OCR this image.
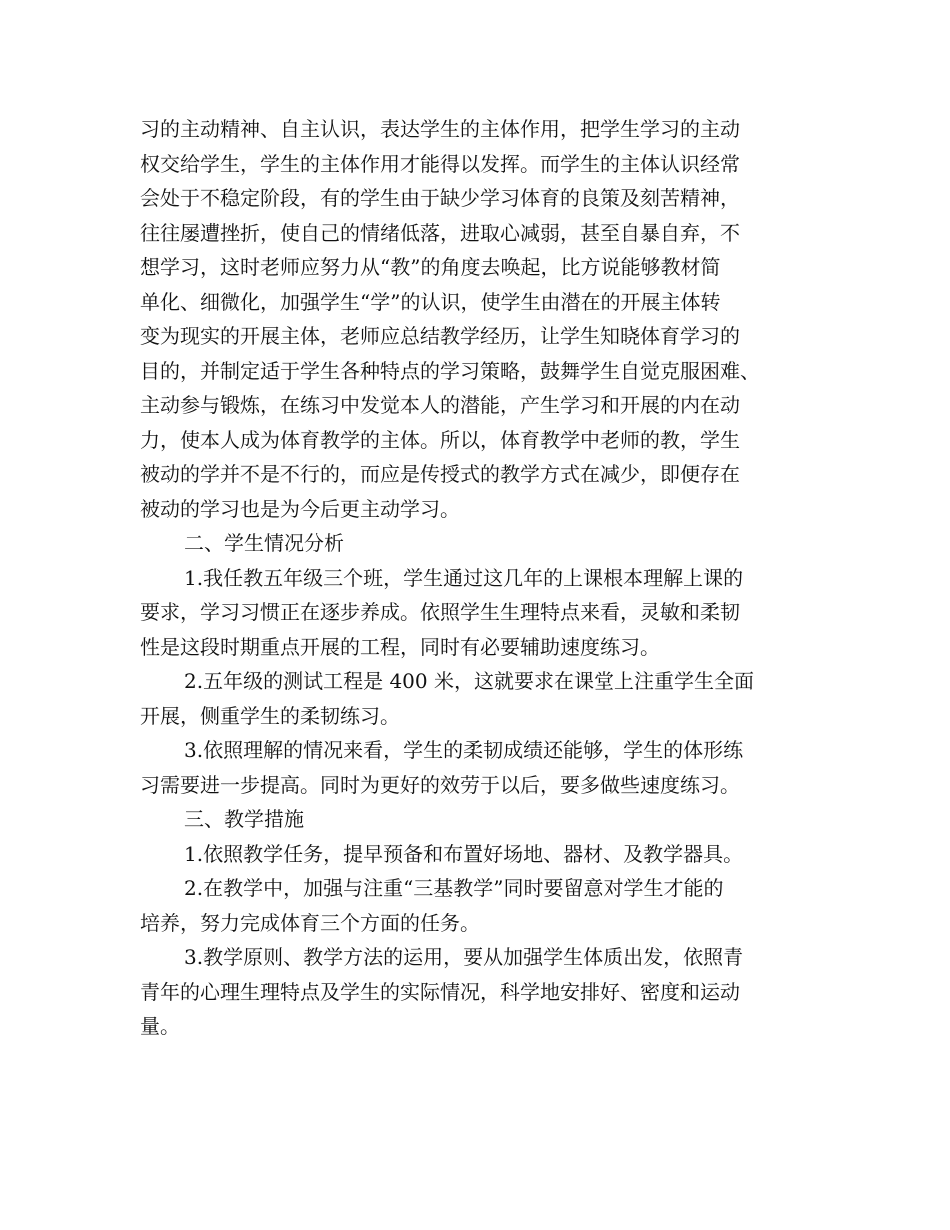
习的主动精神、自主认识，表达学生的主体作用，把学生学习的主动
权交给学生，学生的主体作用才能得以发挥。而学生的主体认识经常
会处于不稳定阶段，有的学生由于缺少学习体育的良策及刻苦精神，
往往屡遭挫折，使自己的情绪低落，进取心减弱，甚至自暴自弃，不
想学习，这时老师应努力从“教”的角度去唤起，比方说能够教材简
单化、细微化，加强学生“学”的认识，使学生由潜在的开展主体转
变为现实的开展主体，老师应总结教学经历，让学生知晓体育学习的
目的，并制定适于学生各种特点的学习策略，鼓舞学生自觉克服困难、
主动参与锻炼，在练习中发觉本人的潜能，产生学习和开展的内在动
力，使本人成为体育教学的主体。所以，体育教学中老师的教，学生
被动的学并不是不行的，而应是传授式的教学方式在减少，即便存在
被动的学习也是为今后更主动学习。
二、学生情况分析
1.我任教五年级三个班，学生通过这几年的上课根本理解上课的
要求，学习习惯正在逐步养成。依照学生生理特点来看，灵敏和柔韧
性是这段时期重点开展的工程，同时有必要辅助速度练习。
2.五年级的测试工程是 400 米，这就要求在课堂上注重学生全面
开展，侧重学生的柔韧练习。
3.依照理解的情况来看，学生的柔韧成绩还能够，学生的体形练
习需要进一步提高。同时为更好的效劳于以后，要多做些速度练习。
三、教学措施
1.依照教学任务，提早预备和布置好场地、器材、及教学器具。
2.在教学中，加强与注重“三基教学”同时要留意对学生才能的
培养，努力完成体育三个方面的任务。
3.教学原则、教学方法的运用，要从加强学生体质出发，依照青
青年的心理生理特点及学生的实际情况，科学地安排好、密度和运动
量。
